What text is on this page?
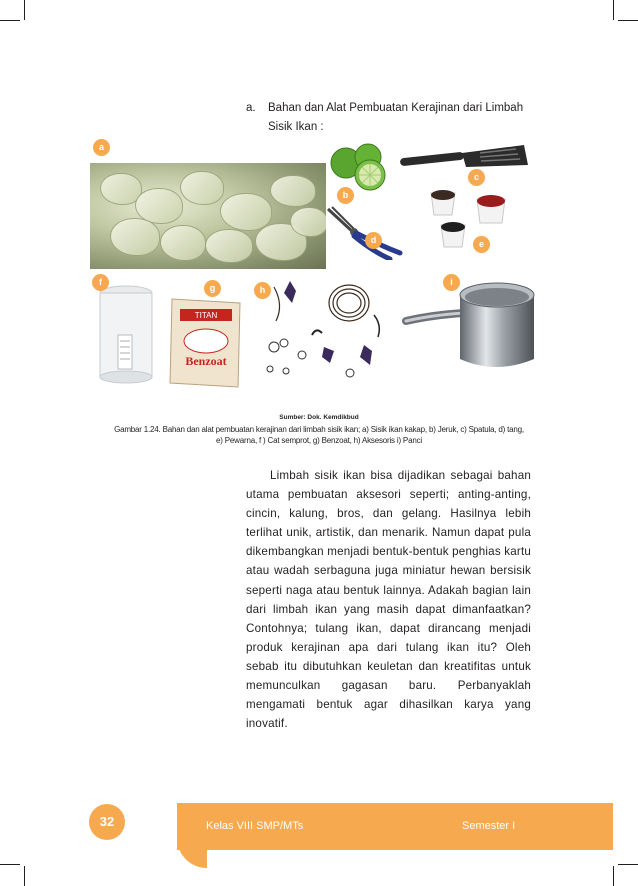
a. Bahan dan Alat Pembuatan Kerajinan dari Limbah Sisik Ikan :
a
b
c
d	e
f
TITAN
Benzoat
g	h
i
Sumber: Dok. Kemdikbud
Gambar 1.24. Bahan dan alat pembuatan kerajinan dari limbah sisik ikan; a) Sisik ikan kakap, b) Jeruk, c) Spatula, d) tang, e) Pewarna, f ) Cat semprot, g) Benzoat, h) Aksesoris i) Panci
Limbah sisik ikan bisa dijadikan sebagai bahan utama pembuatan aksesori seperti; anting-anting, cincin, kalung, bros, dan gelang. Hasilnya lebih terlihat unik, artistik, dan menarik. Namun dapat pula dikembangkan menjadi bentuk-bentuk penghias kartu atau wadah serbaguna juga miniatur hewan bersisik seperti naga atau bentuk lainnya. Adakah bagian lain dari limbah ikan yang masih dapat dimanfaatkan? Contohnya; tulang ikan, dapat dirancang menjadi produk kerajinan apa dari tulang ikan itu? Oleh sebab itu dibutuhkan keuletan dan kreatifitas untuk memunculkan gagasan baru. Perbanyaklah mengamati bentuk agar dihasilkan karya yang inovatif.
Kelas VIII SMP/MTs	Semester I
32
